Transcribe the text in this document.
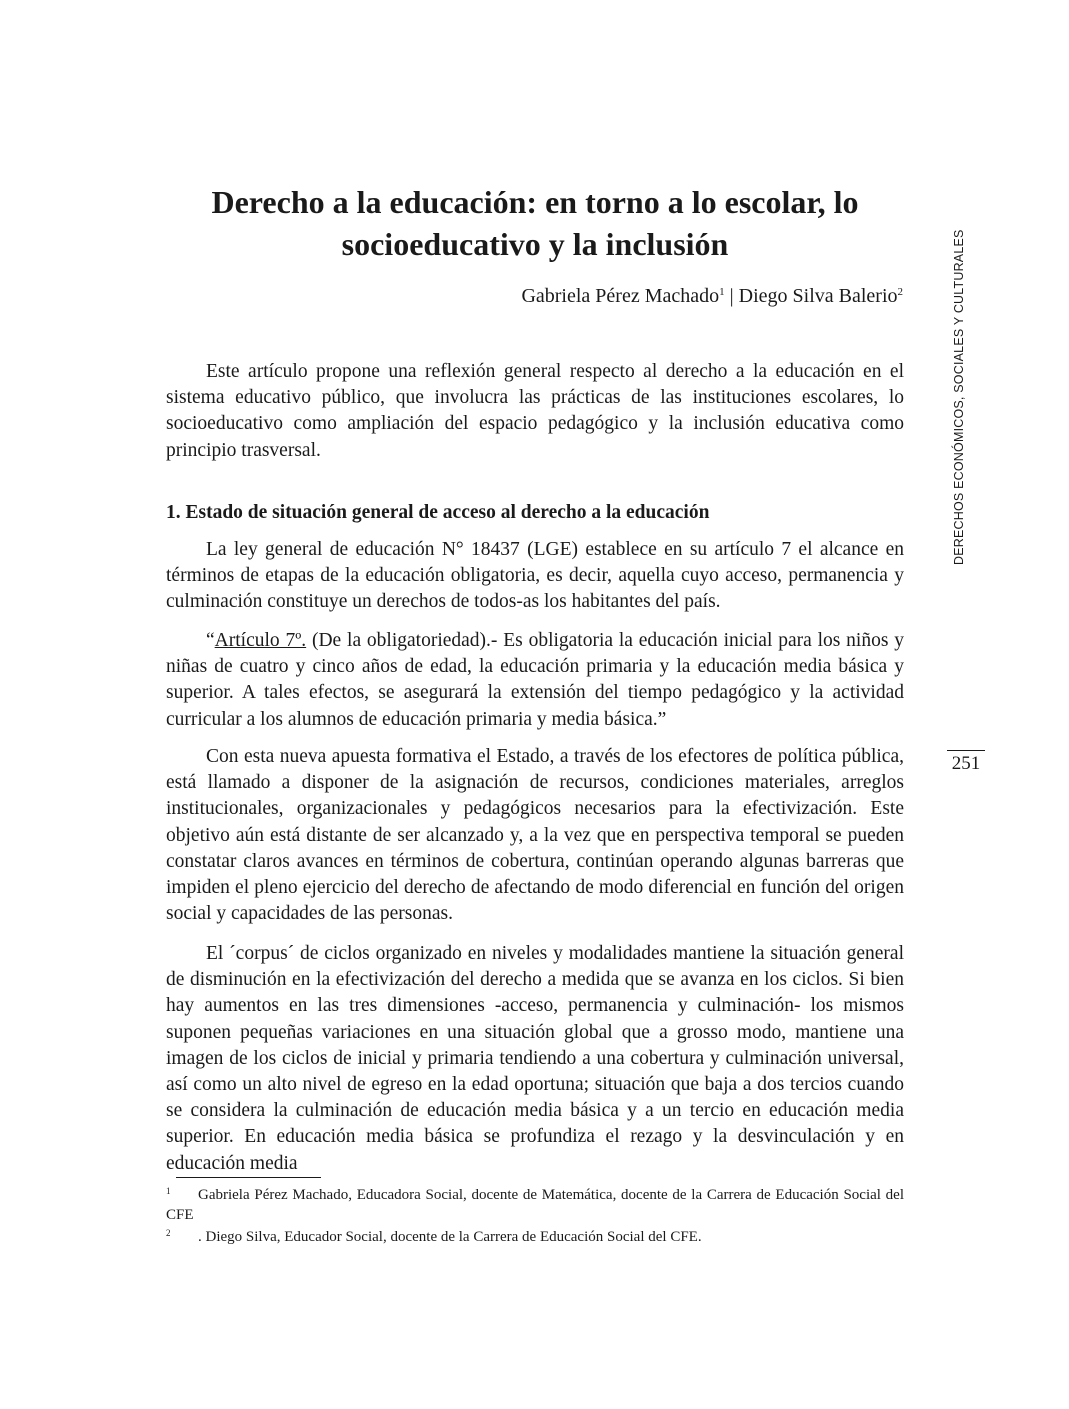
Derecho a la educación: en torno a lo escolar, lo socioeducativo y la inclusión
Gabriela Pérez Machado$^1$ | Diego Silva Balerio$^2$

Este artículo propone una reflexión general respecto al derecho a la educación en el sistema educativo público, que involucra las prácticas de las instituciones escolares, lo socioeducativo como ampliación del espacio pedagógico y la inclusión educativa como principio trasversal.

1. Estado de situación general de acceso al derecho a la educación

La ley general de educación N° 18437 (LGE) establece en su artículo 7 el alcance en términos de etapas de la educación obligatoria, es decir, aquella cuyo acceso, permanencia y culminación constituye un derechos de todos-as los habitantes del país.

“Artículo 7º. (De la obligatoriedad).- Es obligatoria la educación inicial para los niños y niñas de cuatro y cinco años de edad, la educación primaria y la educación media básica y superior. A tales efectos, se asegurará la extensión del tiempo pedagógico y la actividad curricular a los alumnos de educación primaria y media básica.”

Con esta nueva apuesta formativa el Estado, a través de los efectores de política pública, está llamado a disponer de la asignación de recursos, condiciones materiales, arreglos institucionales, organizacionales y pedagógicos necesarios para la efectivización. Este objetivo aún está distante de ser alcanzado y, a la vez que en perspectiva temporal se pueden constatar claros avances en términos de cobertura, continúan operando algunas barreras que impiden el pleno ejercicio del derecho de afectando de modo diferencial en función del origen social y capacidades de las personas.

El ´corpus´ de ciclos organizado en niveles y modalidades mantiene la situación general de disminución en la efectivización del derecho a medida que se avanza en los ciclos. Si bien hay aumentos en las tres dimensiones -acceso, permanencia y culminación- los mismos suponen pequeñas variaciones en una situación global que a grosso modo, mantiene una imagen de los ciclos de inicial y primaria tendiendo a una cobertura y culminación universal, así como un alto nivel de egreso en la edad oportuna; situación que baja a dos tercios cuando se considera la culminación de educación media básica y a un tercio en educación media superior. En educación media básica se profundiza el rezago y la desvinculación y en educación media

DERECHOS ECONÓMICOS, SOCIALES Y CULTURALES
251

1 Gabriela Pérez Machado, Educadora Social, docente de Matemática, docente de la Carrera de Educación Social del CFE

2 . Diego Silva, Educador Social, docente de la Carrera de Educación Social del CFE.
